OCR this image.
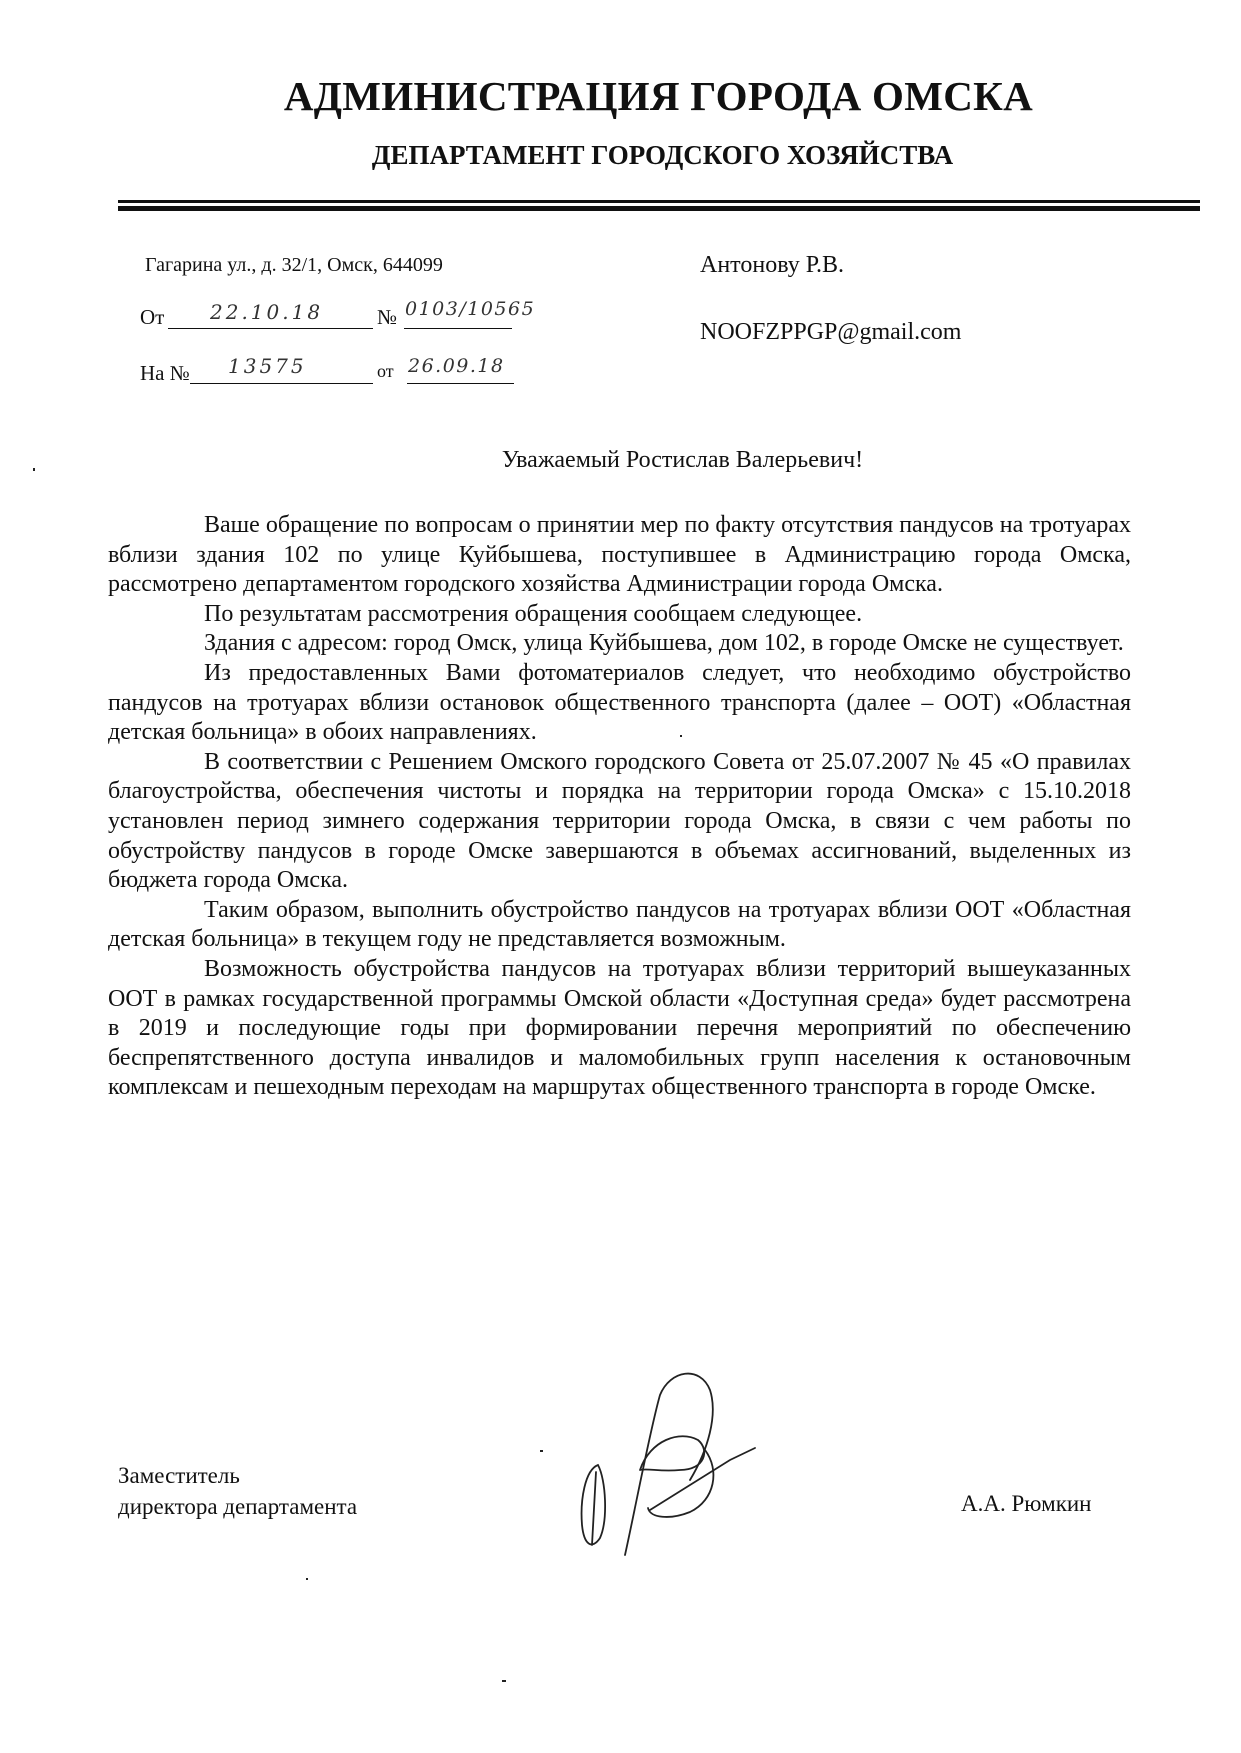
АДМИНИСТРАЦИЯ ГОРОДА ОМСКА
ДЕПАРТАМЕНТ ГОРОДСКОГО ХОЗЯЙСТВА
Гагарина ул., д. 32/1, Омск, 644099
От 22.10.18	№ 0103/10565
На № 13575	от 26.09.18
Антонову Р.В.
NOOFZPPGP@gmail.com
Уважаемый Ростислав Валерьевич!

Ваше обращение по вопросам о принятии мер по факту отсутствия пандусов на тротуарах вблизи здания 102 по улице Куйбышева, поступившее в Администрацию города Омска, рассмотрено департаментом городского хозяйства Администрации города Омска.

По результатам рассмотрения обращения сообщаем следующее.

Здания с адресом: город Омск, улица Куйбышева, дом 102, в городе Омске не существует.

Из предоставленных Вами фотоматериалов следует, что необходимо обустройство пандусов на тротуарах вблизи остановок общественного транспорта (далее – ООТ) «Областная детская больница» в обоих направлениях.

В соответствии с Решением Омского городского Совета от 25.07.2007 № 45 «О правилах благоустройства, обеспечения чистоты и порядка на территории города Омска» с 15.10.2018 установлен период зимнего содержания территории города Омска, в связи с чем работы по обустройству пандусов в городе Омске завершаются в объемах ассигнований, выделенных из бюджета города Омска.

Таким образом, выполнить обустройство пандусов на тротуарах вблизи ООТ «Областная детская больница» в текущем году не представляется возможным.

Возможность обустройства пандусов на тротуарах вблизи территорий вышеуказанных ООТ в рамках государственной программы Омской области «Доступная среда» будет рассмотрена в 2019 и последующие годы при формировании перечня мероприятий по обеспечению беспрепятственного доступа инвалидов и маломобильных групп населения к остановочным комплексам и пешеходным переходам на маршрутах общественного транспорта в городе Омске.

Заместитель
директора департамента	А.А. Рюмкин
